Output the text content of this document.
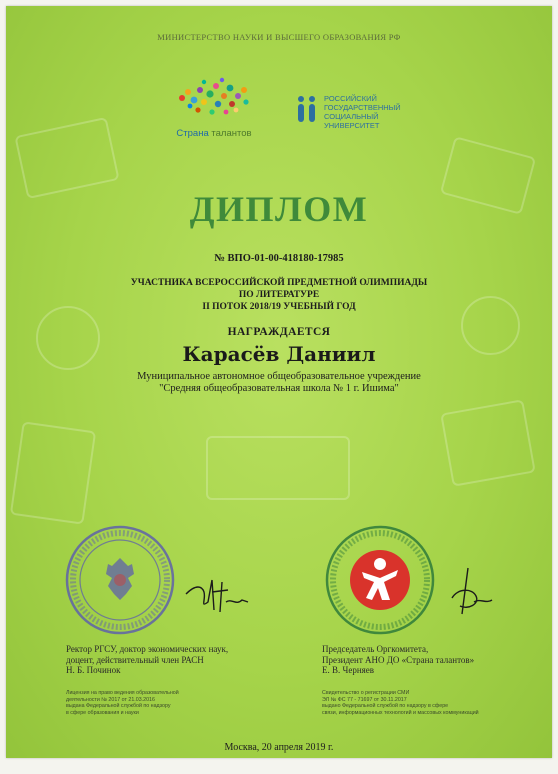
МИНИСТЕРСТВО НАУКИ И ВЫСШЕГО ОБРАЗОВАНИЯ РФ
Страна талантов
РОССИЙСКИЙ
ГОСУДАРСТВЕННЫЙ
СОЦИАЛЬНЫЙ
УНИВЕРСИТЕТ
ДИПЛОМ
№ ВПО-01-00-418180-17985
УЧАСТНИКА ВСЕРОССИЙСКОЙ ПРЕДМЕТНОЙ ОЛИМПИАДЫ
ПО ЛИТЕРАТУРЕ
II ПОТОК 2018/19 УЧЕБНЫЙ ГОД
НАГРАЖДАЕТСЯ
Карасёв Даниил
Муниципальное автономное общеобразовательное учреждение
"Средняя общеобразовательная школа № 1 г. Ишима"
Ректор РГСУ, доктор экономических наук,
доцент, действительный член РАСН
Н. Б. Починок
Председатель Оргкомитета,
Президент АНО ДО «Страна талантов»
Е. В. Черняев
Лицензия на право ведения образовательной
деятельности № 2017 от 21.03.2016
выдана Федеральной службой по надзору
в сфере образования и науки
Свидетельство о регистрации СМИ
ЭЛ № ФС 77 - 71697 от 30.11.2017
выдано Федеральной службой по надзору в сфере
связи, информационных технологий и массовых коммуникаций
Москва, 20 апреля 2019 г.
